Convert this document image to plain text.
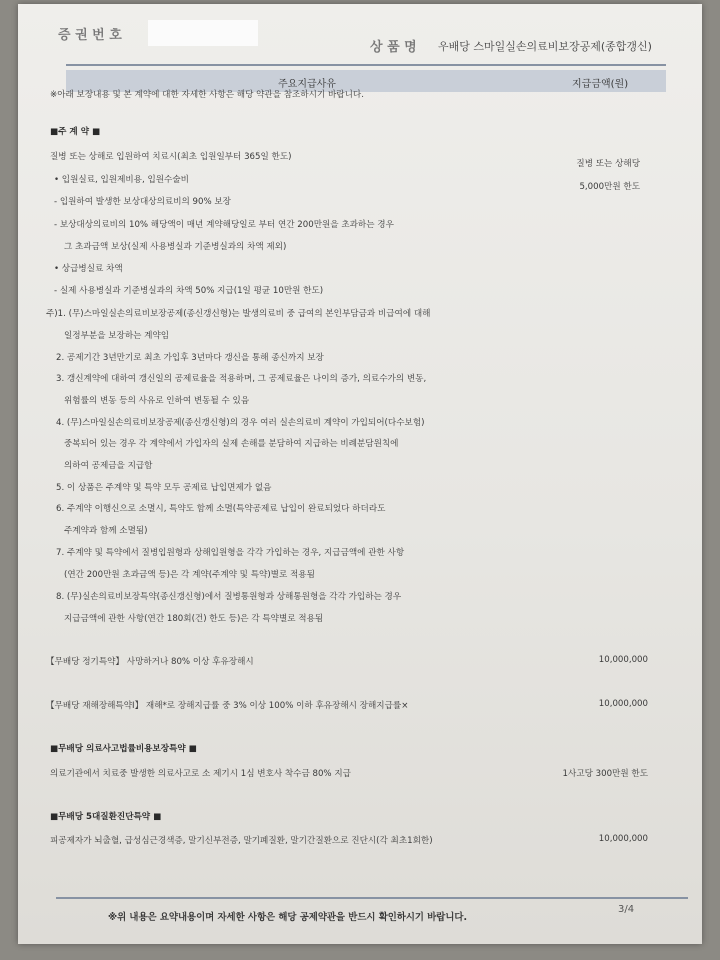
증 권 번 호
상 품 명 우배당 스마일실손의료비보장공제(종합갱신)
주요지급사유	지급금액(원)
※아래 보장내용 및 본 계약에 대한 자세한 사항은 해당 약관을 참조하시기 바랍니다.
■주 계 약 ■
질병 또는 상해로 입원하여 치료시(최초 입원일부터 365일 한도)
• 입원실료, 입원제비용, 입원수술비
- 입원하여 발생한 보상대상의료비의 90% 보장
- 보상대상의료비의 10% 해당액이 매년 계약해당일로 부터 연간 200만원을 초과하는 경우
그 초과금액 보상(실제 사용병실과 기준병실과의 차액 제외)
• 상급병실료 차액
- 실제 사용병실과 기준병실과의 차액 50% 지급(1일 평균 10만원 한도)
주)1. (무)스마일실손의료비보장공제(종신갱신형)는 발생의료비 중 급여의 본인부담금과 비급여에 대해
일정부분을 보장하는 계약임
2. 공제기간 3년만기로 최초 가입후 3년마다 갱신을 통해 종신까지 보장
3. 갱신계약에 대하여 갱신일의 공제료율을 적용하며, 그 공제료율은 나이의 증가, 의료수가의 변동,
위험률의 변동 등의 사유로 인하여 변동될 수 있음
4. (무)스마일실손의료비보장공제(종신갱신형)의 경우 여러 실손의료비 계약이 가입되어(다수보험)
중복되어 있는 경우 각 계약에서 가입자의 실제 손해를 분담하여 지급하는 비례분담원칙에
의하여 공제금을 지급함
5. 이 상품은 주계약 및 특약 모두 공제료 납입면제가 없음
6. 주계약 이행신으로 소멸시, 특약도 함께 소멸(특약공제료 납입이 완료되었다 하더라도
주계약과 함께 소멸됨)
7. 주계약 및 특약에서 질병입원형과 상해입원형을 각각 가입하는 경우, 지급금액에 관한 사항
(연간 200만원 초과금액 등)은 각 계약(주계약 및 특약)별로 적용됨
8. (무)실손의료비보장특약(종신갱신형)에서 질병통원형과 상해통원형을 각각 가입하는 경우
지급금액에 관한 사항(연간 180회(건) 한도 등)은 각 특약별로 적용됨
【무배당 정기특약】 사망하거나 80% 이상 후유장해시
【무배당 재해장해특약Ⅰ】 재해*로 장해지급률 중 3% 이상 100% 이하 후유장해시 장해지급률×
■무배당 의료사고법률비용보장특약 ■
의료기관에서 치료중 발생한 의료사고로 소 제기시 1심 변호사 착수금 80% 지급
■무배당 5대질환진단특약 ■
피공제자가 뇌출혈, 급성심근경색증, 말기신부전증, 말기폐질환, 말기간질환으로 진단시(각 최초1회한)
질병 또는 상해당
5,000만원 한도
10,000,000
10,000,000
1사고당 300만원 한도
10,000,000
※위 내용은 요약내용이며 자세한 사항은 해당 공제약관을 반드시 확인하시기 바랍니다.
3/4
